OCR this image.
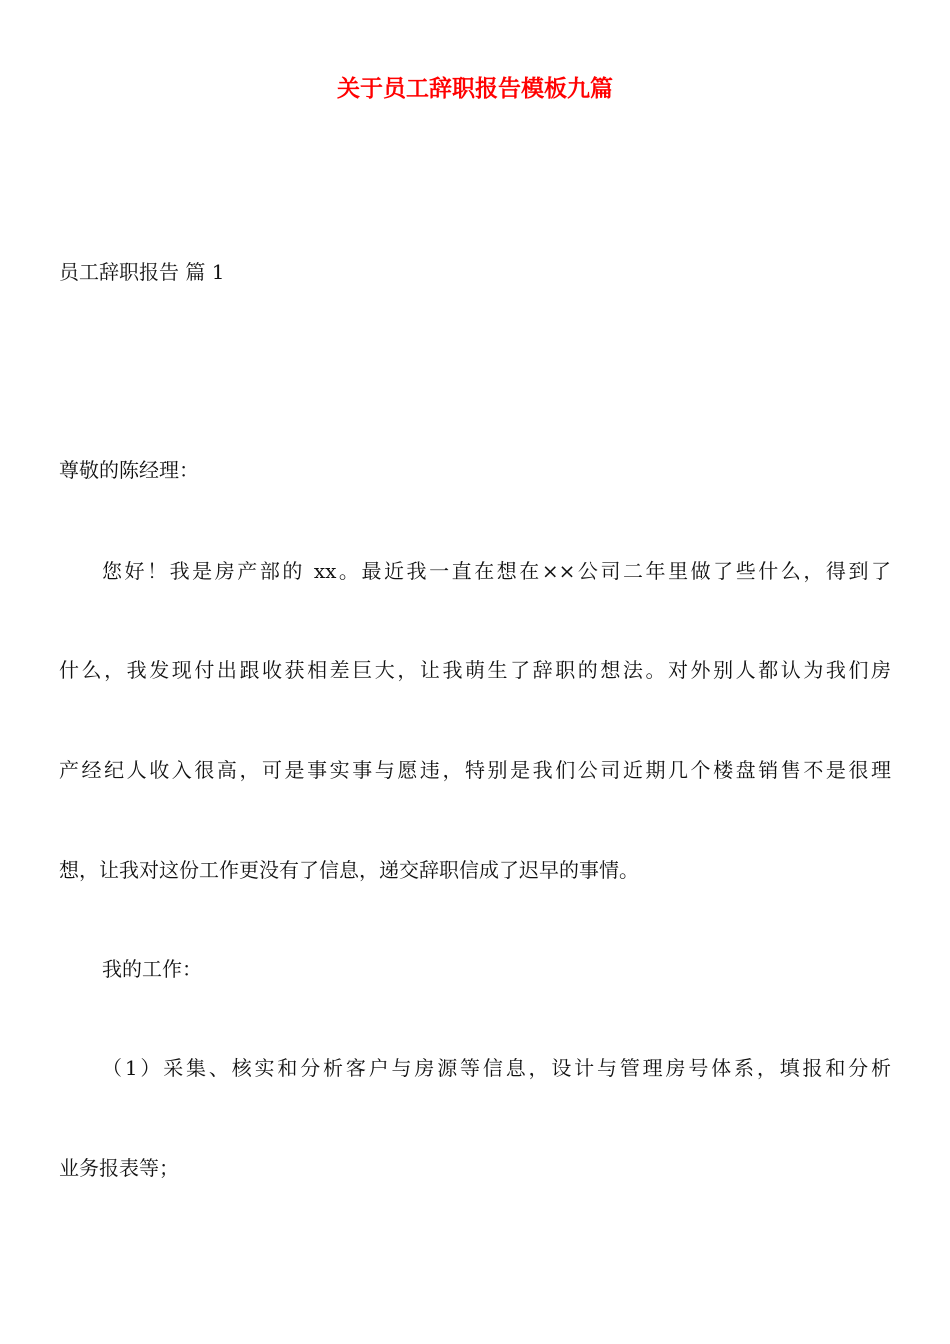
关于员工辞职报告模板九篇

员工辞职报告 篇 1

尊敬的陈经理：

您好！我是房产部的 xx。最近我一直在想在××公司二年里做了些什么，得到了

什么，我发现付出跟收获相差巨大，让我萌生了辞职的想法。对外别人都认为我们房

产经纪人收入很高，可是事实事与愿违，特别是我们公司近期几个楼盘销售不是很理

想，让我对这份工作更没有了信息，递交辞职信成了迟早的事情。

我的工作：

（1）采集、核实和分析客户与房源等信息，设计与管理房号体系，填报和分析

业务报表等；
